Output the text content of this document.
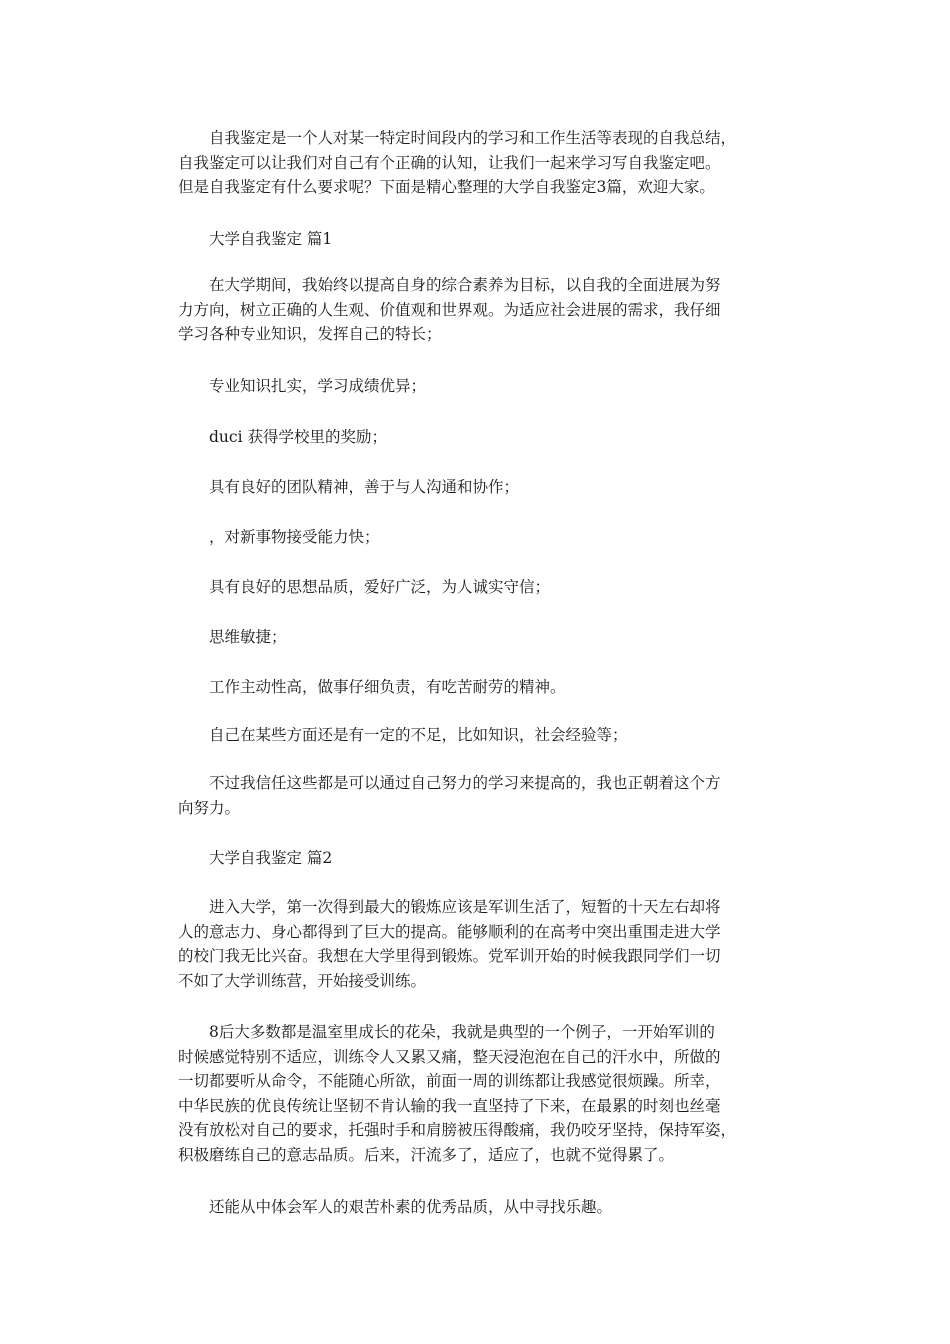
　　自我鉴定是一个人对某一特定时间段内的学习和工作生活等表现的自我总结，
自我鉴定可以让我们对自己有个正确的认知，让我们一起来学习写自我鉴定吧。
但是自我鉴定有什么要求呢？下面是精心整理的大学自我鉴定3篇，欢迎大家。

　　大学自我鉴定 篇1

　　在大学期间，我始终以提高自身的综合素养为目标，以自我的全面进展为努
力方向，树立正确的人生观、价值观和世界观。为适应社会进展的需求，我仔细
学习各种专业知识，发挥自己的特长；

　　专业知识扎实，学习成绩优异；

　　duci 获得学校里的奖励；

　　具有良好的团队精神，善于与人沟通和协作；

　　，对新事物接受能力快；

　　具有良好的思想品质，爱好广泛，为人诚实守信；

　　思维敏捷；

　　工作主动性高，做事仔细负责，有吃苦耐劳的精神。

　　自己在某些方面还是有一定的不足，比如知识，社会经验等；

　　不过我信任这些都是可以通过自己努力的学习来提高的，我也正朝着这个方
向努力。

　　大学自我鉴定 篇2

　　进入大学，第一次得到最大的锻炼应该是军训生活了，短暂的十天左右却将
人的意志力、身心都得到了巨大的提高。能够顺利的在高考中突出重围走进大学
的校门我无比兴奋。我想在大学里得到锻炼。党军训开始的时候我跟同学们一切
不如了大学训练营，开始接受训练。

　　8后大多数都是温室里成长的花朵，我就是典型的一个例子，一开始军训的
时候感觉特别不适应，训练令人又累又痛，整天浸泡泡在自己的汗水中，所做的
一切都要听从命令，不能随心所欲，前面一周的训练都让我感觉很烦躁。所幸，
中华民族的优良传统让坚韧不肯认输的我一直坚持了下来，在最累的时刻也丝毫
没有放松对自己的要求，托强时手和肩膀被压得酸痛，我仍咬牙坚持，保持军姿，
积极磨练自己的意志品质。后来，汗流多了，适应了，也就不觉得累了。

　　还能从中体会军人的艰苦朴素的优秀品质，从中寻找乐趣。
